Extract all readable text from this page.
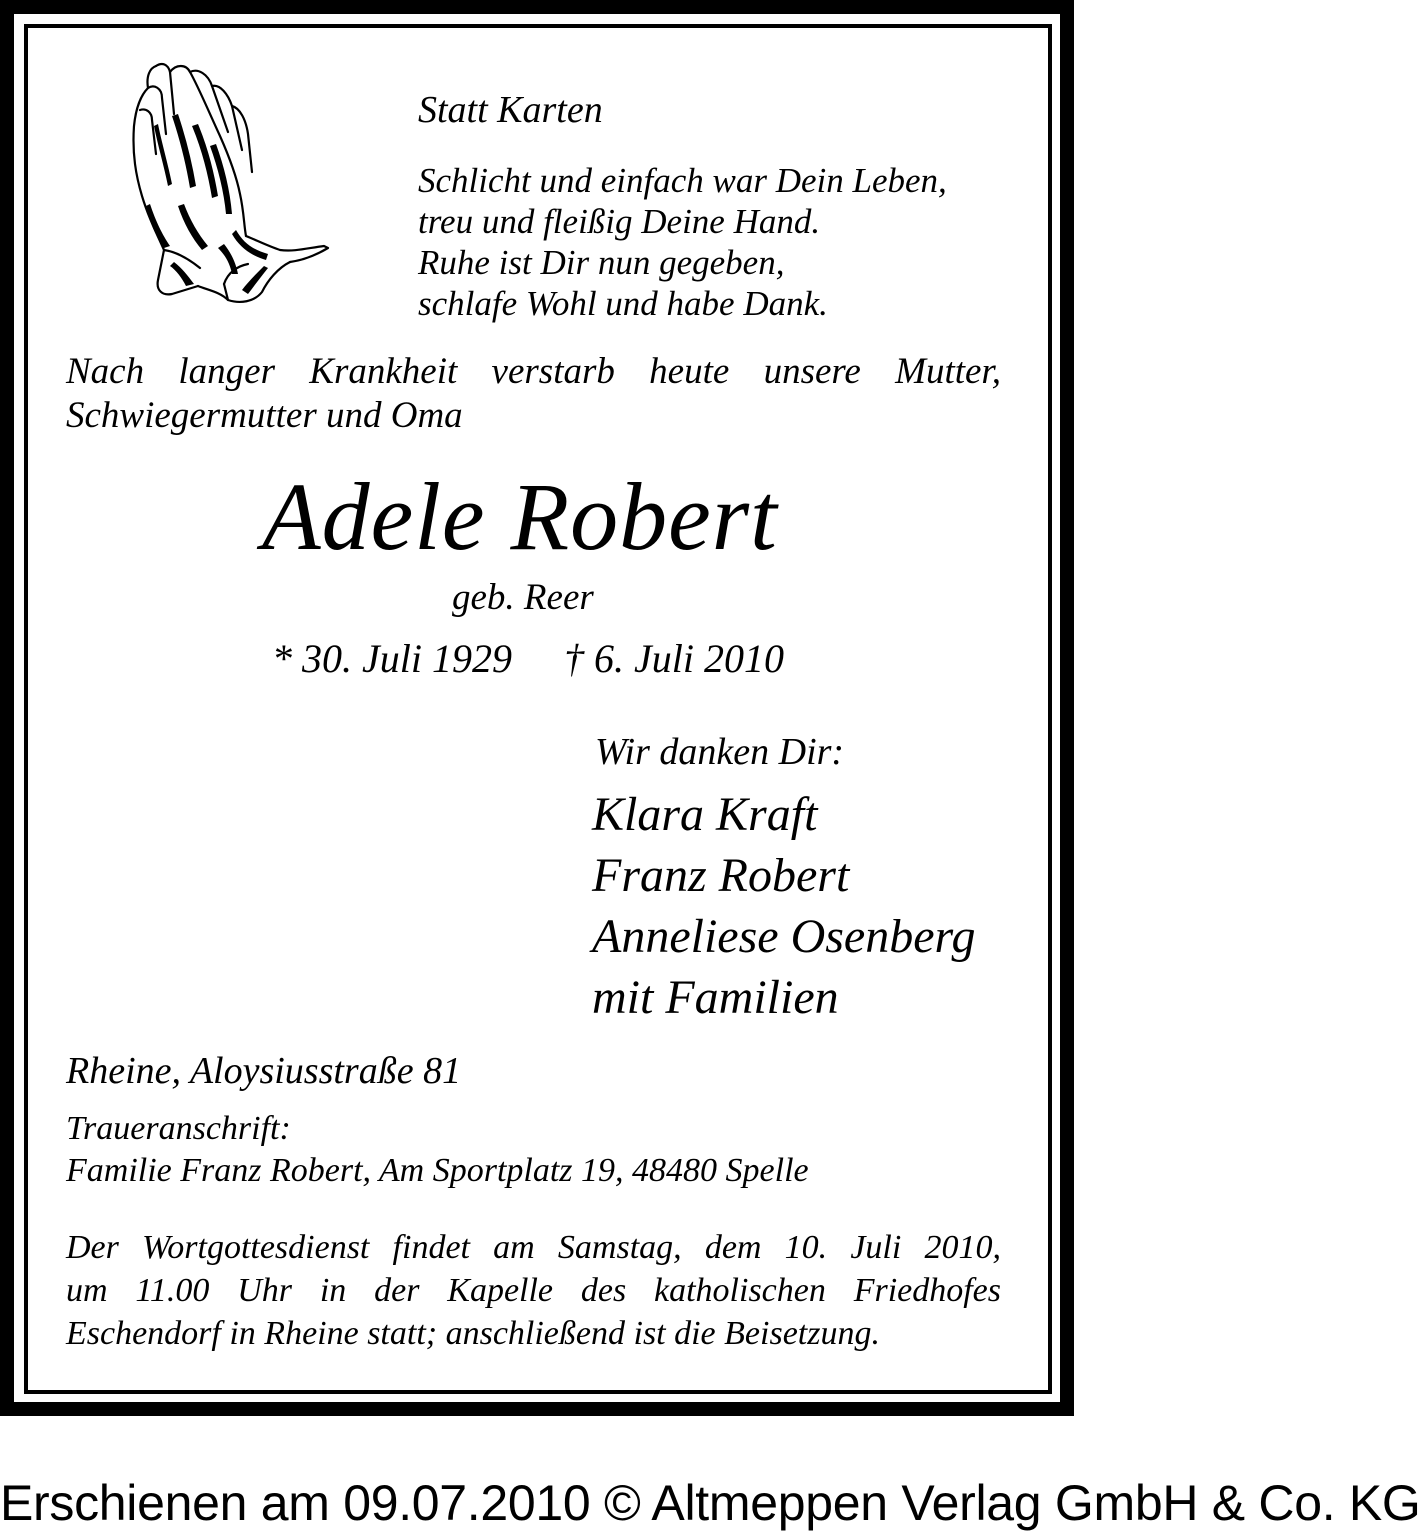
Statt Karten
Schlicht und einfach war Dein Leben,
treu und fleißig Deine Hand.
Ruhe ist Dir nun gegeben,
schlafe Wohl und habe Dank.
Nach langer Krankheit verstarb heute unsere Mutter,
Schwiegermutter und Oma
Adele Robert
geb. Reer
* 30. Juli 1929 † 6. Juli 2010
Wir danken Dir:
Klara Kraft
Franz Robert
Anneliese Osenberg
mit Familien
Rheine, Aloysiusstraße 81
Traueranschrift:
Familie Franz Robert, Am Sportplatz 19, 48480 Spelle
Der Wortgottesdienst findet am Samstag, dem 10. Juli 2010,
um 11.00 Uhr in der Kapelle des katholischen Friedhofes
Eschendorf in Rheine statt; anschließend ist die Beisetzung.
Erschienen am 09.07.2010 © Altmeppen Verlag GmbH & Co. KG
